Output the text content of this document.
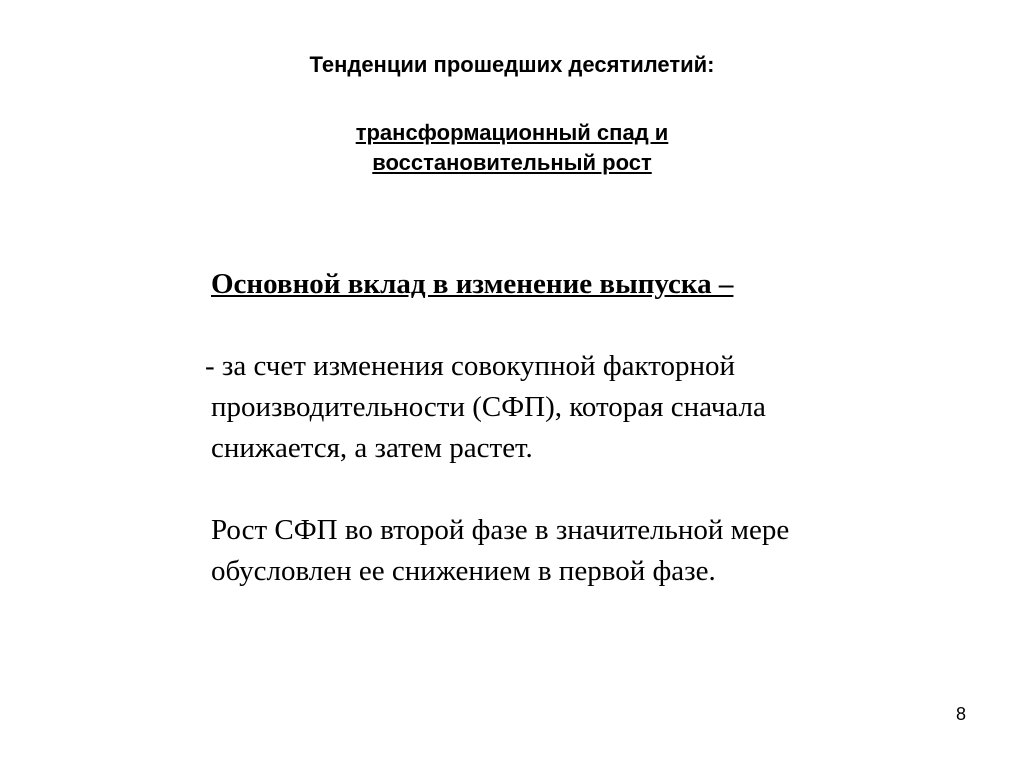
Тенденции прошедших десятилетий:
трансформационный спад и
восстановительный рост
Основной вклад в изменение выпуска –
- за счет изменения совокупной факторной
производительности (СФП), которая сначала
снижается, а затем растет.
Рост СФП во второй фазе в значительной мере
обусловлен ее снижением в первой фазе.
8
